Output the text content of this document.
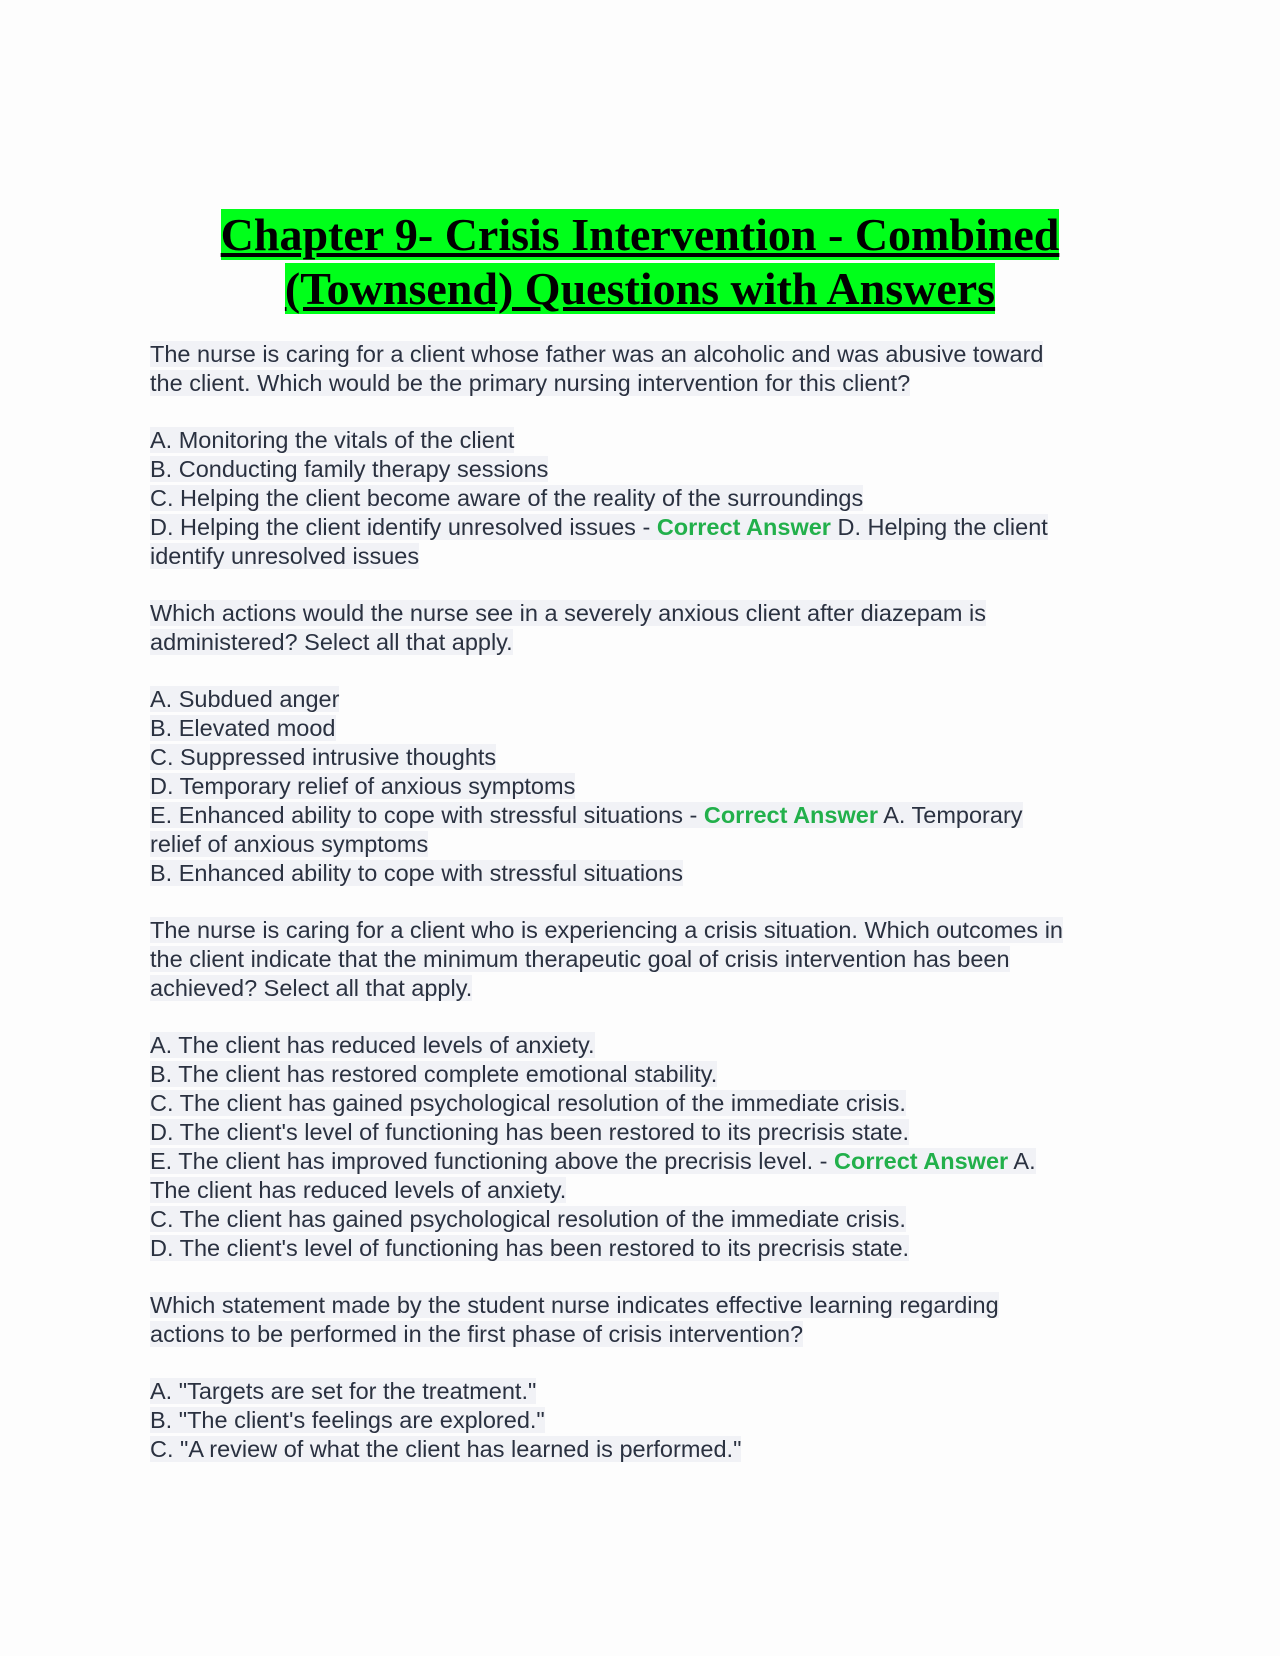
Chapter 9- Crisis Intervention - Combined
(Townsend) Questions with Answers
The nurse is caring for a client whose father was an alcoholic and was abusive toward
the client. Which would be the primary nursing intervention for this client?
A. Monitoring the vitals of the client
B. Conducting family therapy sessions
C. Helping the client become aware of the reality of the surroundings
D. Helping the client identify unresolved issues - Correct Answer D. Helping the client
identify unresolved issues
Which actions would the nurse see in a severely anxious client after diazepam is
administered? Select all that apply.
A. Subdued anger
B. Elevated mood
C. Suppressed intrusive thoughts
D. Temporary relief of anxious symptoms
E. Enhanced ability to cope with stressful situations - Correct Answer A. Temporary
relief of anxious symptoms
B. Enhanced ability to cope with stressful situations
The nurse is caring for a client who is experiencing a crisis situation. Which outcomes in
the client indicate that the minimum therapeutic goal of crisis intervention has been
achieved? Select all that apply.
A. The client has reduced levels of anxiety.
B. The client has restored complete emotional stability.
C. The client has gained psychological resolution of the immediate crisis.
D. The client's level of functioning has been restored to its precrisis state.
E. The client has improved functioning above the precrisis level. - Correct Answer A.
The client has reduced levels of anxiety.
C. The client has gained psychological resolution of the immediate crisis.
D. The client's level of functioning has been restored to its precrisis state.
Which statement made by the student nurse indicates effective learning regarding
actions to be performed in the first phase of crisis intervention?
A. "Targets are set for the treatment."
B. "The client's feelings are explored."
C. "A review of what the client has learned is performed."
